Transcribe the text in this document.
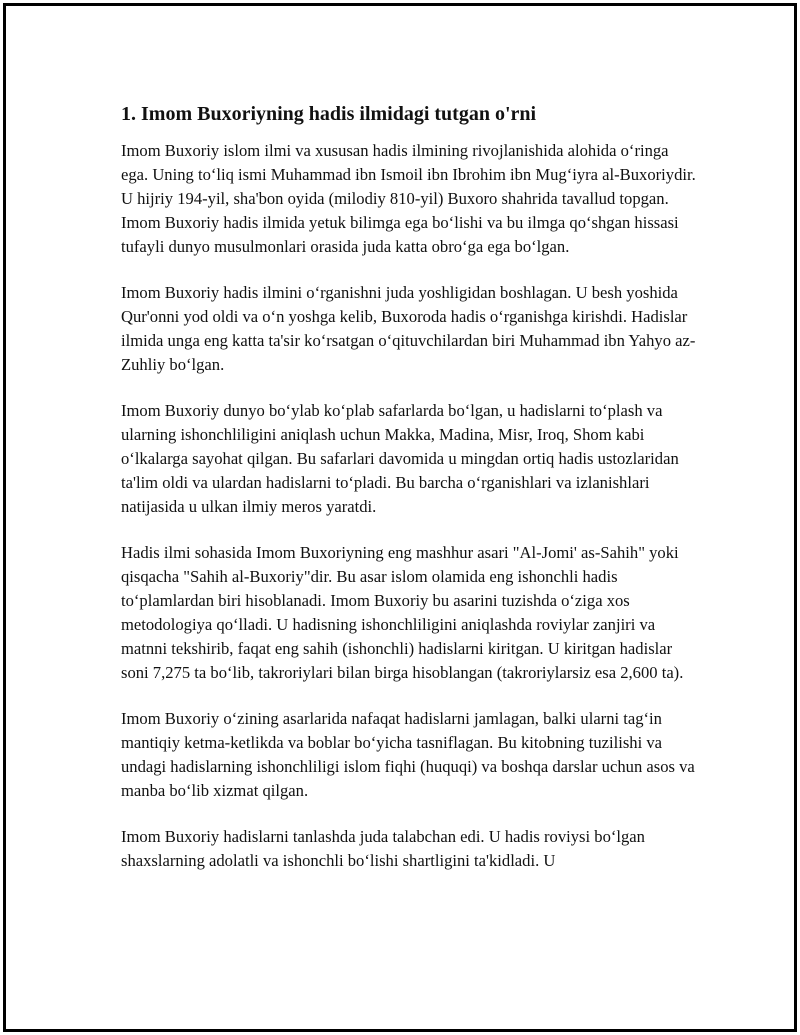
1. Imom Buxoriyning hadis ilmidagi tutgan o'rni

Imom Buxoriy islom ilmi va xususan hadis ilmining rivojlanishida alohida o‘ringa ega. Uning to‘liq ismi Muhammad ibn Ismoil ibn Ibrohim ibn Mug‘iyra al-Buxoriydir. U hijriy 194-yil, sha'bon oyida (milodiy 810-yil) Buxoro shahrida tavallud topgan. Imom Buxoriy hadis ilmida yetuk bilimga ega bo‘lishi va bu ilmga qo‘shgan hissasi tufayli dunyo musulmonlari orasida juda katta obro‘ga ega bo‘lgan.

Imom Buxoriy hadis ilmini o‘rganishni juda yoshligidan boshlagan. U besh yoshida Qur'onni yod oldi va o‘n yoshga kelib, Buxoroda hadis o‘rganishga kirishdi. Hadislar ilmida unga eng katta ta'sir ko‘rsatgan o‘qituvchilardan biri Muhammad ibn Yahyo az-Zuhliy bo‘lgan.

Imom Buxoriy dunyo bo‘ylab ko‘plab safarlarda bo‘lgan, u hadislarni to‘plash va ularning ishonchliligini aniqlash uchun Makka, Madina, Misr, Iroq, Shom kabi o‘lkalarga sayohat qilgan. Bu safarlari davomida u mingdan ortiq hadis ustozlaridan ta'lim oldi va ulardan hadislarni to‘pladi. Bu barcha o‘rganishlari va izlanishlari natijasida u ulkan ilmiy meros yaratdi.

Hadis ilmi sohasida Imom Buxoriyning eng mashhur asari "Al-Jomi' as-Sahih" yoki qisqacha "Sahih al-Buxoriy"dir. Bu asar islom olamida eng ishonchli hadis to‘plamlardan biri hisoblanadi. Imom Buxoriy bu asarini tuzishda o‘ziga xos metodologiya qo‘lladi. U hadisning ishonchliligini aniqlashda roviylar zanjiri va matnni tekshirib, faqat eng sahih (ishonchli) hadislarni kiritgan. U kiritgan hadislar soni 7,275 ta bo‘lib, takroriylari bilan birga hisoblangan (takroriylarsiz esa 2,600 ta).

Imom Buxoriy o‘zining asarlarida nafaqat hadislarni jamlagan, balki ularni tag‘in mantiqiy ketma-ketlikda va boblar bo‘yicha tasniflagan. Bu kitobning tuzilishi va undagi hadislarning ishonchliligi islom fiqhi (huquqi) va boshqa darslar uchun asos va manba bo‘lib xizmat qilgan.

Imom Buxoriy hadislarni tanlashda juda talabchan edi. U hadis roviysi bo‘lgan shaxslarning adolatli va ishonchli bo‘lishi shartligini ta'kidladi. U
